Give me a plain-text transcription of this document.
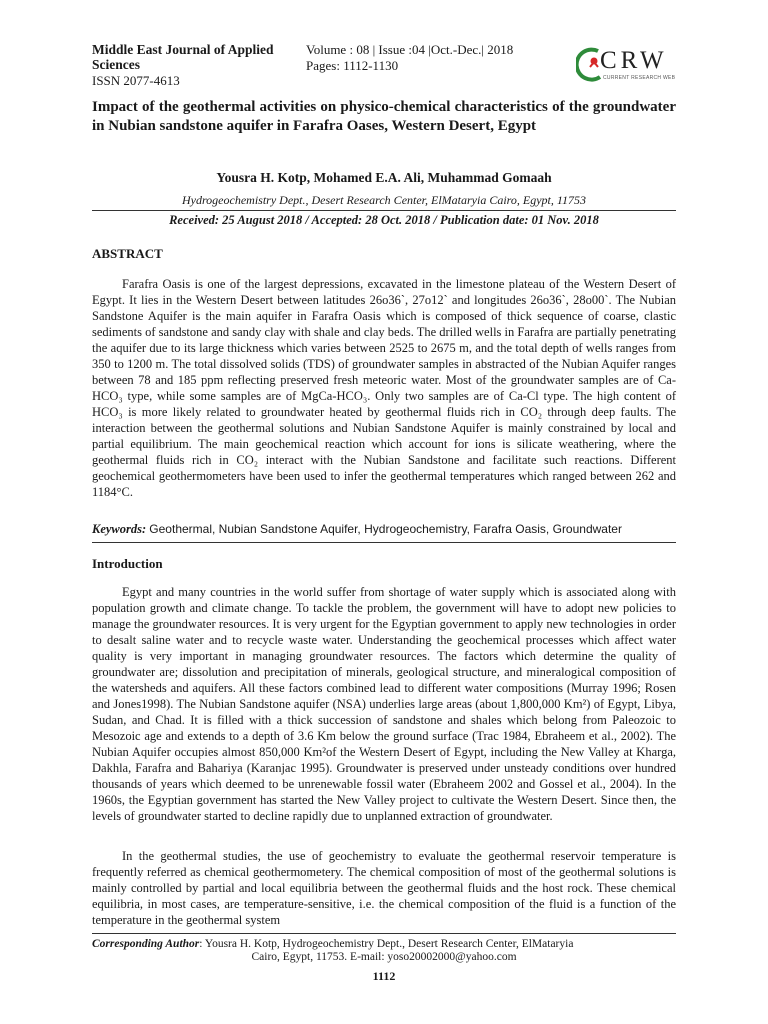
Middle East Journal of Applied Sciences
ISSN 2077-4613
Volume : 08 | Issue :04 |Oct.-Dec.| 2018
Pages: 1112-1130	CRW
CURRENT RESEARCH WEB
Impact of the geothermal activities on physico-chemical characteristics of the groundwater in Nubian sandstone aquifer in Farafra Oases, Western Desert, Egypt
Yousra H. Kotp, Mohamed E.A. Ali, Muhammad Gomaah
Hydrogeochemistry Dept., Desert Research Center, ElMataryia Cairo, Egypt, 11753
Received: 25 August 2018 / Accepted: 28 Oct. 2018 / Publication date: 01 Nov. 2018
ABSTRACT
Farafra Oasis is one of the largest depressions, excavated in the limestone plateau of the Western Desert of Egypt. It lies in the Western Desert between latitudes 26o36`, 27o12` and longitudes 26o36`, 28o00`. The Nubian Sandstone Aquifer is the main aquifer in Farafra Oasis which is composed of thick sequence of coarse, clastic sediments of sandstone and sandy clay with shale and clay beds. The drilled wells in Farafra are partially penetrating the aquifer due to its large thickness which varies between 2525 to 2675 m, and the total depth of wells ranges from 350 to 1200 m. The total dissolved solids (TDS) of groundwater samples in abstracted of the Nubian Aquifer ranges between 78 and 185 ppm reflecting preserved fresh meteoric water. Most of the groundwater samples are of Ca-HCO₃ type, while some samples are of MgCa-HCO₃. Only two samples are of Ca-Cl type. The high content of HCO₃ is more likely related to groundwater heated by geothermal fluids rich in CO₂ through deep faults. The interaction between the geothermal solutions and Nubian Sandstone Aquifer is mainly constrained by local and partial equilibrium. The main geochemical reaction which account for ions is silicate weathering, where the geothermal fluids rich in CO₂ interact with the Nubian Sandstone and facilitate such reactions. Different geochemical geothermometers have been used to infer the geothermal temperatures which ranged between 262 and 1184°C.
Keywords: Geothermal, Nubian Sandstone Aquifer, Hydrogeochemistry, Farafra Oasis, Groundwater
Introduction
Egypt and many countries in the world suffer from shortage of water supply which is associated along with population growth and climate change. To tackle the problem, the government will have to adopt new policies to manage the groundwater resources. It is very urgent for the Egyptian government to apply new technologies in order to desalt saline water and to recycle waste water. Understanding the geochemical processes which affect water quality is very important in managing groundwater resources. The factors which determine the quality of groundwater are; dissolution and precipitation of minerals, geological structure, and mineralogical composition of the watersheds and aquifers. All these factors combined lead to different water compositions (Murray 1996; Rosen and Jones1998). The Nubian Sandstone aquifer (NSA) underlies large areas (about 1,800,000 Km²) of Egypt, Libya, Sudan, and Chad. It is filled with a thick succession of sandstone and shales which belong from Paleozoic to Mesozoic age and extends to a depth of 3.6 Km below the ground surface (Trac 1984, Ebraheem et al., 2002). The Nubian Aquifer occupies almost 850,000 Km²of the Western Desert of Egypt, including the New Valley at Kharga, Dakhla, Farafra and Bahariya (Karanjac 1995). Groundwater is preserved under unsteady conditions over hundred thousands of years which deemed to be unrenewable fossil water (Ebraheem 2002 and Gossel et al., 2004). In the 1960s, the Egyptian government has started the New Valley project to cultivate the Western Desert. Since then, the levels of groundwater started to decline rapidly due to unplanned extraction of groundwater.
In the geothermal studies, the use of geochemistry to evaluate the geothermal reservoir temperature is frequently referred as chemical geothermometery. The chemical composition of most of the geothermal solutions is mainly controlled by partial and local equilibria between the geothermal fluids and the host rock. These chemical equilibria, in most cases, are temperature-sensitive, i.e. the chemical composition of the fluid is a function of the temperature in the geothermal system
Corresponding Author: Yousra H. Kotp, Hydrogeochemistry Dept., Desert Research Center, ElMataryia
Cairo, Egypt, 11753. E-mail: yoso20002000@yahoo.com
1112
